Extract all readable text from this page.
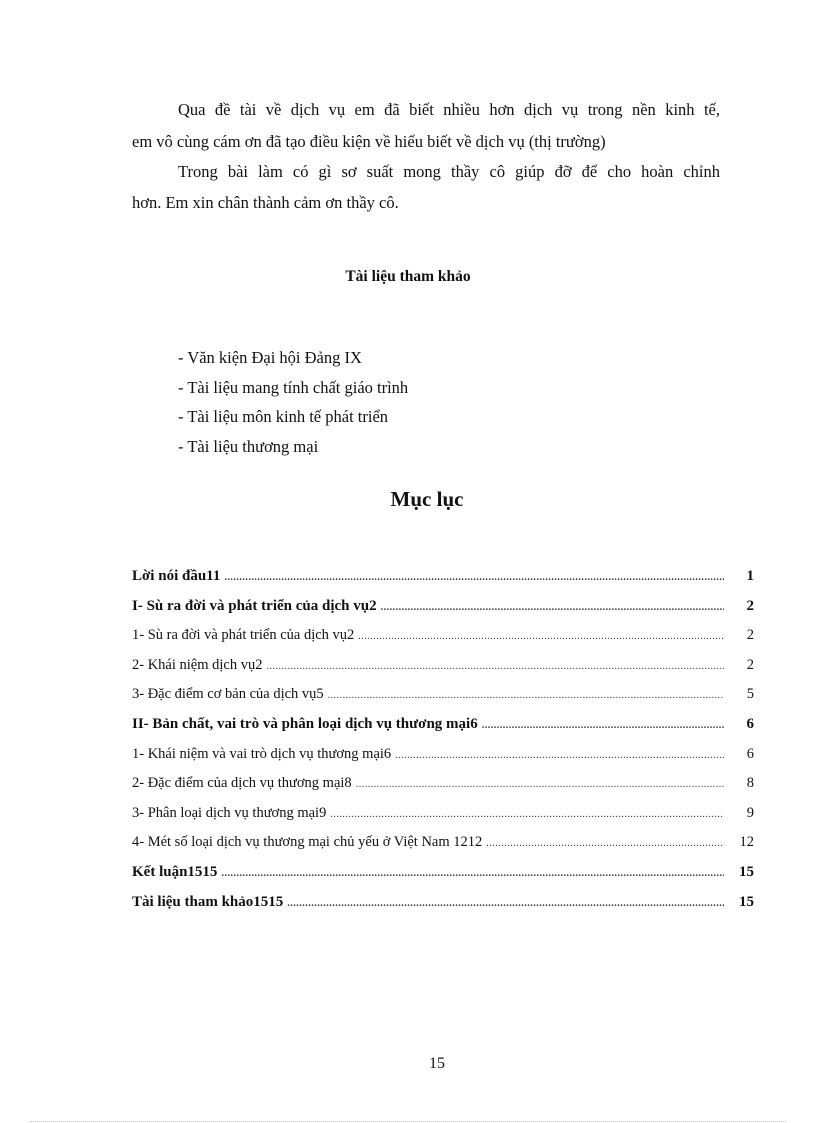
Qua đề tài về dịch vụ em đã biết nhiều hơn dịch vụ trong nền kinh tế,

em vô cùng cám ơn đã tạo điều kiện về hiểu biết về dịch vụ (thị trường)

Trong bài làm có gì sơ suất mong thầy cô giúp đỡ để cho hoàn chỉnh

hơn. Em xin chân thành cảm ơn thầy cô.

Tài liệu tham khảo
- Văn kiện Đại hội Đảng IX
- Tài liệu mang tính chất giáo trình
- Tài liệu môn kinh tế phát triển
- Tài liệu thương mại
Mục lục
Lời nói đầu11 .....	1
I- Sù ra đời và phát triển của dịch vụ2 .....	2
1- Sù ra đời và phát triển của dịch vụ2 .....	2
2- Khái niệm dịch vụ2 .....	2
3- Đặc điểm cơ bản của dịch vụ5 .....	5
II- Bản chất, vai trò và phân loại dịch vụ thương mại6 .....	6
1- Khái niệm và vai trò dịch vụ thương mại6 .....	6
2- Đặc điểm của dịch vụ thương mại8 .....	8
3- Phân loại dịch vụ thương mại9 .....	9
4- Mét số loại dịch vụ thương mại chủ yếu ở Việt Nam 1212 .....	12
Kết luận1515 .....	15
Tài liệu tham khảo1515 .....	15
15
